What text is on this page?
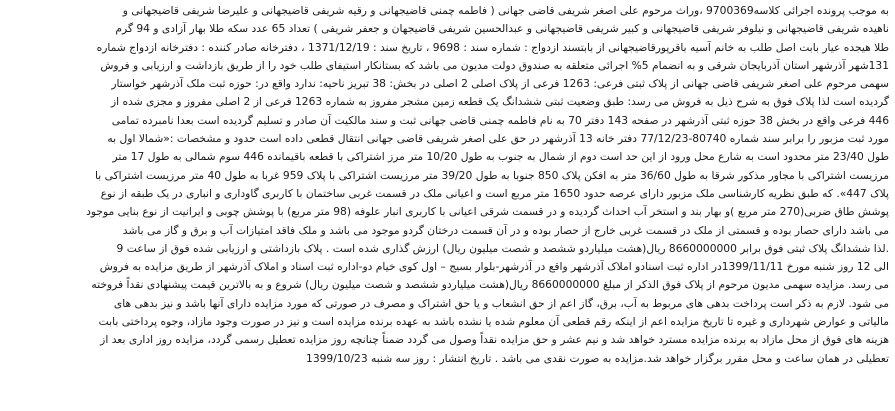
به موجب پرونده اجرائی کلاسه9700369 ،وراث مرحوم علی اصغر شریفی قاضی جهانی ( فاطمه چمنی قاضیجهانی و رقیه شریفی قاضیجهانی و علیرضا شریفی قاضیجهانی و
ناهیده شریفی قاضیجهانی و نیلوفر شریفی قاضیجهانی و کبیر شریفی قاضیجهانی و عبدالحسین شریفی قاضیجهان و جعفر شریفی ) تعداد 65 عدد سکه طلا بهار آزادی و 94 گرم
طلا هیجده عیار بابت اصل طلب به خانم آسیه باقرپورقاضیجهانی از بابتسند ازدواج : شماره سند : 9698 ، تاریخ سند : 1371/12/19 ، دفترخانه صادر کننده : دفترخانه ازدواج شماره
131شهر آذرشهر استان آذربایجان شرقی و به انضمام 5% اجرائی متعلقه به صندوق دولت مدیون می باشد که بستانکار استیفای طلب خود را از طریق بازداشت و ارزیابی و فروش
سهمی مرحوم علی اصغر شریفی قاضی جهانی از پلاک ثبتی فرعی: 1263 فرعی از پلاک اصلی 2 اصلی در بخش: 38 تبریز ناحیه: ندارد واقع در: حوزه ثبت ملک آذرشهر خواستار
گردیده است لذا پلاک فوق به شرح ذیل به فروش می رسد: طبق وضعیت ثبتی ششدانگ یک قطعه زمین مشجر مفروز به شماره 1263 فرعی از 2 اصلی مفروز و مجزی شده از
446 فرعی واقع در بخش 38 حوزه ثبتی آذرشهر در صفحه 143 دفتر 70 به نام فاطمه چمنی قاضی جهانی ثبت و سند مالکیت آن صادر و تسلیم گردیده است بعدا نامبرده تمامی
مورد ثبت مزبور را برابر سند شماره 80740-77/12/23 دفتر خانه 13 آذرشهر در حق علی اصغر شریفی قاضی جهانی انتقال قطعی داده است حدود و مشخصات :«شمالا اول به
طول 23/40 متر محدود است به شارع محل ورود از این حد است دوم از شمال به جنوب به طول 10/20 متر مرز اشتراکی با قطعه باقیمانده 446 سوم شمالی به طول 17 متر
مرزیست اشتراکی با مجاور مذکور شرقا به طول 36/60 متر به افکن پلاک 850 جنوبا به طول 39/20 متر مرزیست اشتراکی با پلاک 959 غربا به طول 40 متر مرزیست اشتراکی با
پلاک 447». که طبق نظریه کارشناسی ملک مزبور دارای عرصه حدود 1650 متر مربع است و اعیانی ملک در قسمت غربی ساختمان با کاربری گاوداری و انباری در یک طبقه از نوع
پوشش طاق ضربی(270 متر مربع )و بهار بند و استخر آب احداث گردیده و در قسمت شرقی اعیانی با کاربری انبار علوفه (98 متر مربع) با پوشش چوبی و ایرانیت از نوع بنایی موجود
می باشد دارای حصار بوده و قسمتی از ملک در قسمت غربی خارج از حصار بوده و در آن قسمت درختان گردو موجود می باشد و ملک فاقد امتیازات آب و برق و گاز می باشد
.لذا ششدانگ پلاک ثبتی فوق برابر 8660000000 ریال(هشت میلیاردو ششصد و شصت میلیون ریال) ارزش گذاری شده است . پلاک بازداشتی و ارزیابی شده فوق از ساعت 9
الی 12 روز شنبه مورخ 1399/11/11در اداره ثبت اسنادو املاک آذرشهر واقع در آذرشهر-بلوار بسیج – اول کوی خیام دو-اداره ثبت اسناد و املاک آذرشهر از طریق مزایده به فروش
می رسد. مزایده سهمی مدیون مرحوم از پلاک فوق الذکر از مبلغ 8660000000 ریال(هشت میلیاردو ششصد و شصت میلیون ریال) شروع و به بالاترین قیمت پیشنهادی نقداً فروخته
می شود. لازم به ذکر است پرداخت بدهی های مربوط به آب، برق، گاز اعم از حق انشعاب و یا حق اشتراک و مصرف در صورتی که مورد مزایده دارای آنها باشد و نیز بدهی های
مالیاتی و عوارض شهرداری و غیره تا تاریخ مزایده اعم از اینکه رقم قطعی آن معلوم شده یا نشده باشد به عهده برنده مزایده است و نیز در صورت وجود مازاد، وجوه پرداختی بابت
هزینه های فوق از محل مازاد به برنده مزایده مسترد خواهد شد و نیم عشر و حق مزایده نقداً وصول می گردد ضمناً چنانچه روز مزایده تعطیل رسمی گردد، مزایده روز اداری بعد از
تعطیلی در همان ساعت و محل مقرر برگزار خواهد شد.مزایده به صورت نقدی می باشد . تاریخ انتشار : روز سه شنبه 1399/10/23
